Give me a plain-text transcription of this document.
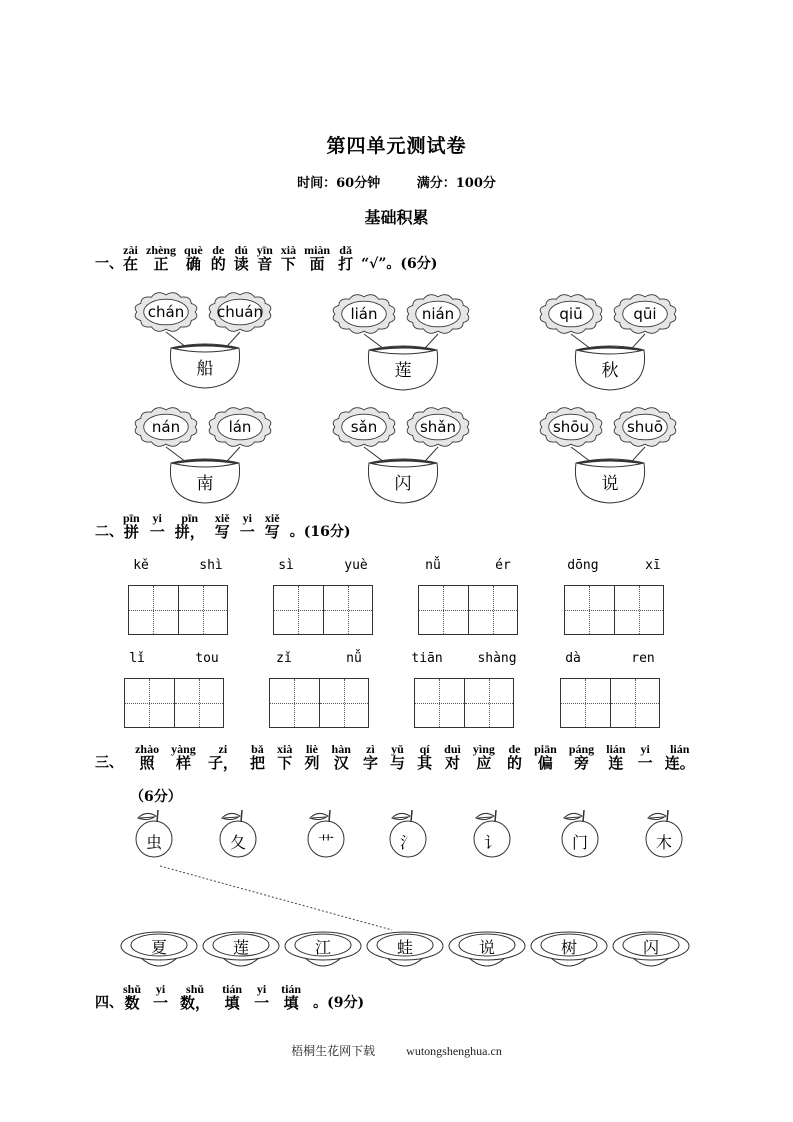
第四单元测试卷
时间：60分钟	满分：100分
基础积累
一、
zài
在
zhèng
正
què
确
de
的
dú
读
yīn
音
xià
下
miàn
面
dǎ
打 “√”。(6分)
chán	chuán
船
lián	nián
莲
qiū	qūi
秋
nán	lán
南
sǎn	shǎn
闪
shōu	shuō
说
二、
pīn
拼
yi
一
pīn
拼，
xiě
写
yi
一
xiě
写 。(16分)
kě	shì	sì	yuè	nǚ	ér	dōng	xī
lǐ	tou	zǐ	nǚ	tiān	shàng	dà	ren
三、
zhào
照
yàng
样
zi
子，
bǎ
把
xià
下
liè
列
hàn
汉
zì
字
yǔ
与
qí
其
duì
对
yìng
应
de
的
piān
偏
páng
旁
lián
连
yi
一
lián
连。
（6分）
虫	夂	艹	氵	讠	门	木
夏	莲	江	蛙	说	树	闪
四、
shǔ
数
yi
一
shǔ
数，
tián
填
yi
一
tián
填 。(9分)
梧桐生花网下载	wutongshenghua.cn
